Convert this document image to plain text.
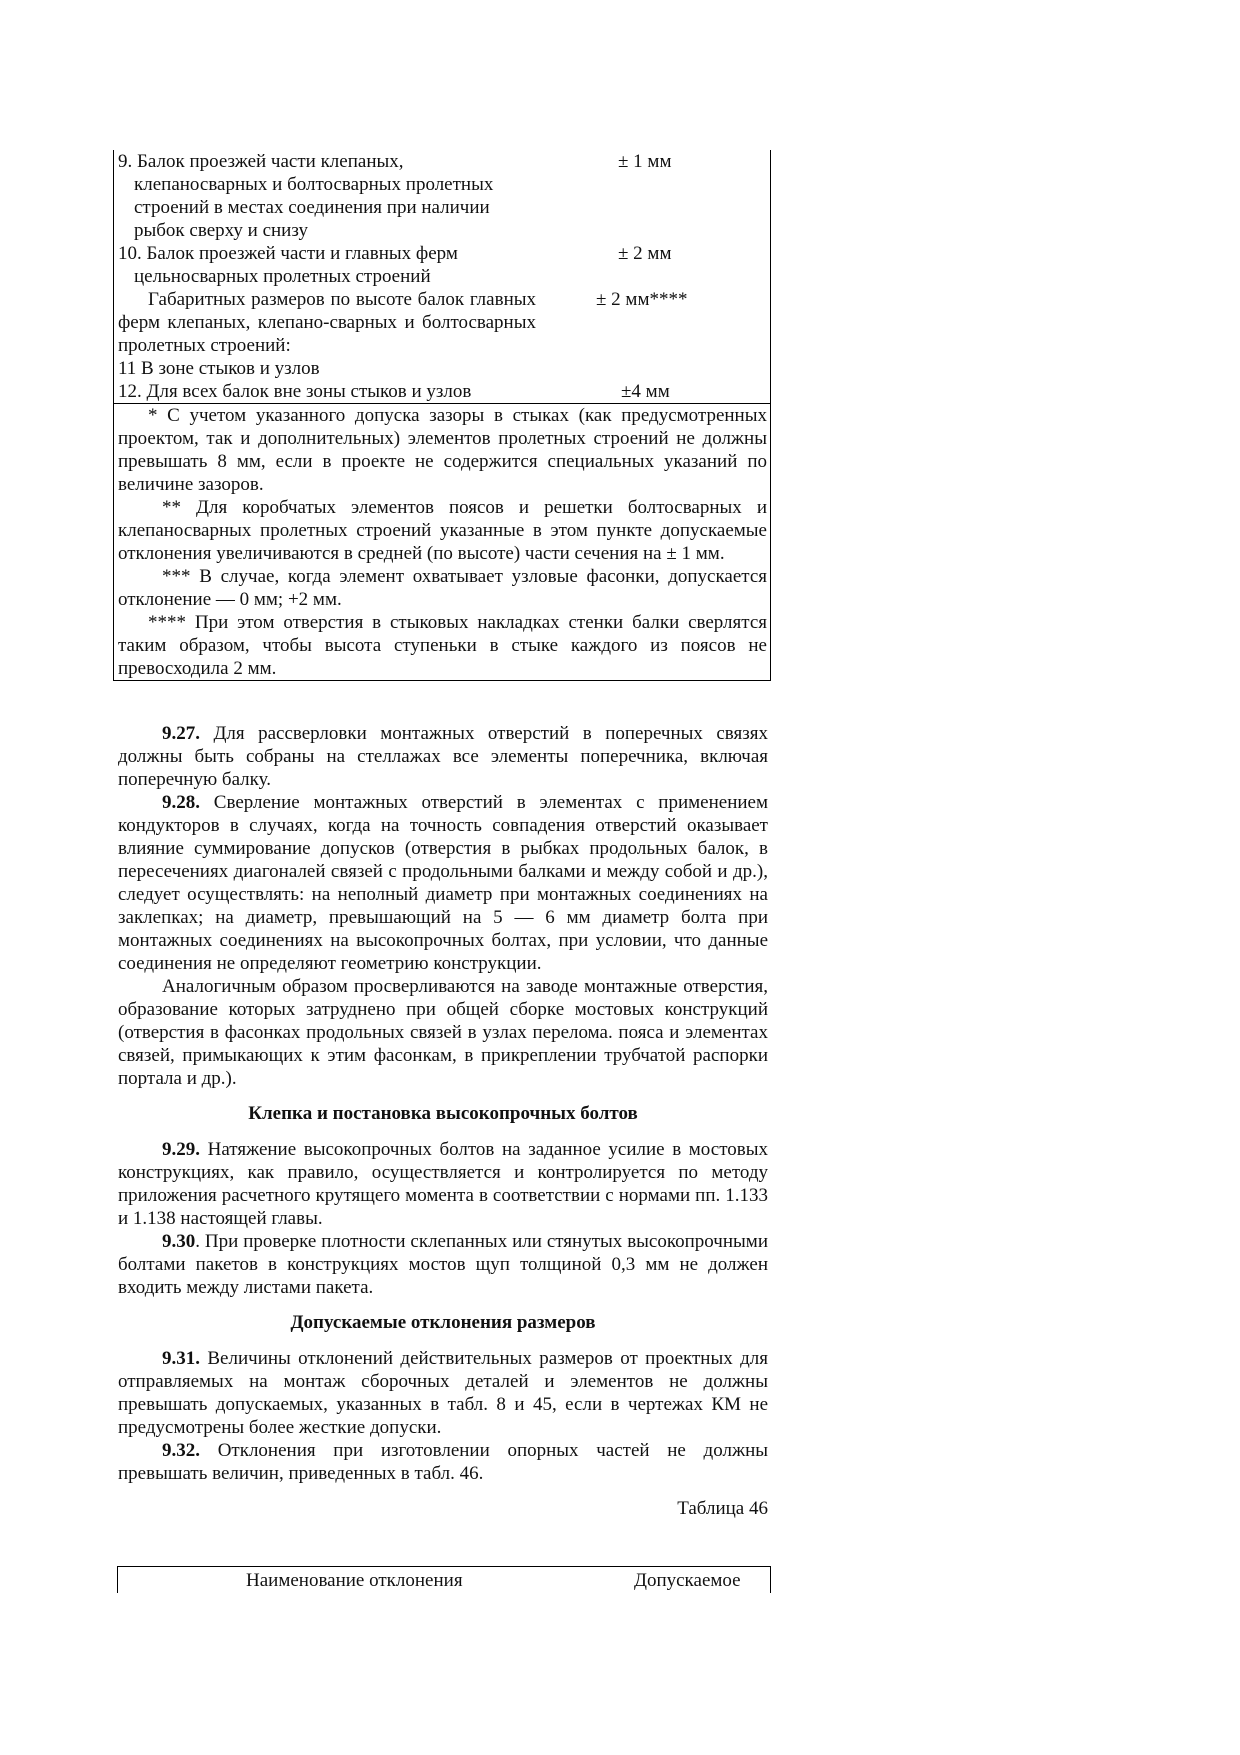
9. Балок проезжей части клепаных,
клепаносварных и болтосварных пролетных
строений в местах соединения при наличии
рыбок сверху и снизу
± 1 мм
10. Балок проезжей части и главных ферм
цельносварных пролетных строений
± 2 мм
Габаритных размеров по высоте балок главных ферм клепаных, клепано-сварных и болтосварных пролетных строений:
± 2 мм****
11 В зоне стыков и узлов
12. Для всех балок вне зоны стыков и узлов	±4 мм

* С учетом указанного допуска зазоры в стыках (как предусмотренных проектом, так и дополнительных) элементов пролетных строений не должны превышать 8 мм, если в проекте не содержится специальных указаний по величине зазоров.

** Для коробчатых элементов поясов и решетки болтосварных и клепаносварных пролетных строений указанные в этом пункте допускаемые отклонения увеличиваются в средней (по высоте) части сечения на ± 1 мм.

*** В случае, когда элемент охватывает узловые фасонки, допускается отклонение — 0 мм; +2 мм.

**** При этом отверстия в стыковых накладках стенки балки сверлятся таким образом, чтобы высота ступеньки в стыке каждого из поясов не превосходила 2 мм.

9.27. Для рассверловки монтажных отверстий в поперечных связях должны быть собраны на стеллажах все элементы поперечника, включая поперечную балку.

9.28. Сверление монтажных отверстий в элементах с применением кондукторов в случаях, когда на точность совпадения отверстий оказывает влияние суммирование допусков (отверстия в рыбках продольных балок, в пересечениях диагоналей связей с продольными балками и между собой и др.), следует осуществлять: на неполный диаметр при монтажных соединениях на заклепках; на диаметр, превышающий на 5 — 6 мм диаметр болта при монтажных соединениях на высокопрочных болтах, при условии, что данные соединения не определяют геометрию конструкции.

Аналогичным образом просверливаются на заводе монтажные отверстия, образование которых затруднено при общей сборке мостовых конструкций (отверстия в фасонках продольных связей в узлах перелома. пояса и элементах связей, примыкающих к этим фасонкам, в прикреплении трубчатой распорки портала и др.).

Клепка и постановка высокопрочных болтов

9.29. Натяжение высокопрочных болтов на заданное усилие в мостовых конструкциях, как правило, осуществляется и контролируется по методу приложения расчетного крутящего момента в соответствии с нормами пп. 1.133 и 1.138 настоящей главы.

9.30. При проверке плотности склепанных или стянутых высокопрочными болтами пакетов в конструкциях мостов щуп толщиной 0,3 мм не должен входить между листами пакета.

Допускаемые отклонения размеров

9.31. Величины отклонений действительных размеров от проектных для отправляемых на монтаж сборочных деталей и элементов не должны превышать допускаемых, указанных в табл. 8 и 45, если в чертежах КМ не предусмотрены более жесткие допуски.

9.32. Отклонения при изготовлении опорных частей не должны превышать величин, приведенных в табл. 46.

Таблица 46

Наименование отклонения	Допускаемое
